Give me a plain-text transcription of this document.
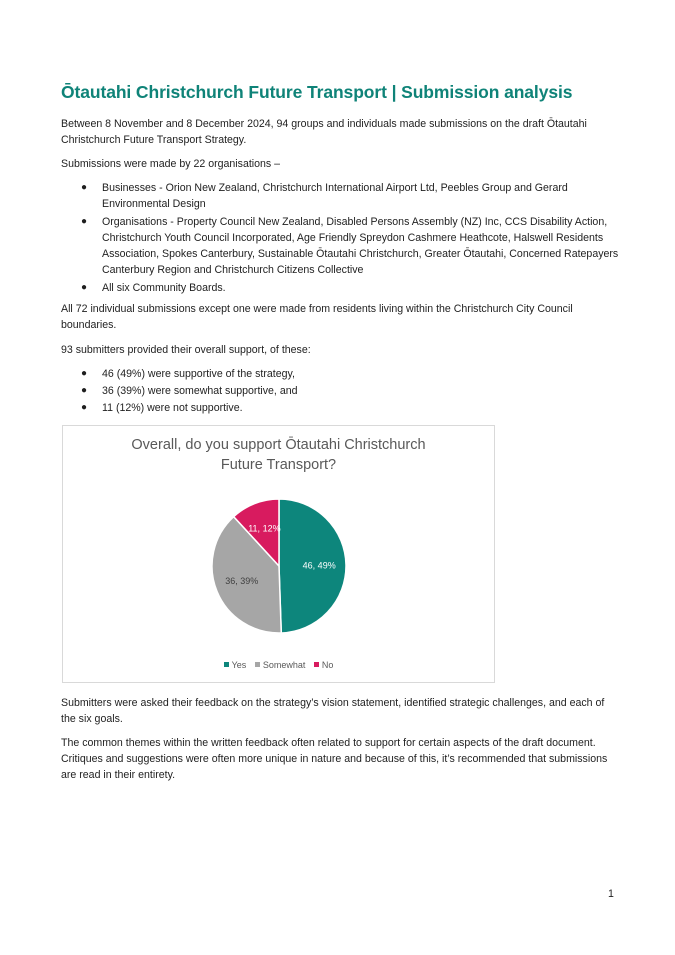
Ōtautahi Christchurch Future Transport | Submission analysis

Between 8 November and 8 December 2024, 94 groups and individuals made submissions on the draft Ōtautahi Christchurch Future Transport Strategy.

Submissions were made by 22 organisations –

● Businesses - Orion New Zealand, Christchurch International Airport Ltd, Peebles Group and Gerard Environmental Design
● Organisations - Property Council New Zealand, Disabled Persons Assembly (NZ) Inc, CCS Disability Action, Christchurch Youth Council Incorporated, Age Friendly Spreydon Cashmere Heathcote, Halswell Residents Association, Spokes Canterbury, Sustainable Ōtautahi Christchurch, Greater Ōtautahi, Concerned Ratepayers Canterbury Region and Christchurch Citizens Collective
● All six Community Boards.

All 72 individual submissions except one were made from residents living within the Christchurch City Council boundaries.

93 submitters provided their overall support, of these:

● 46 (49%) were supportive of the strategy,
● 36 (39%) were somewhat supportive, and
● 11 (12%) were not supportive.
Overall, do you support Ōtautahi Christchurch
Future Transport?
46, 49%
36, 39%
11, 12%
Yes Somewhat No

Submitters were asked their feedback on the strategy’s vision statement, identified strategic challenges, and each of the six goals.

The common themes within the written feedback often related to support for certain aspects of the draft document. Critiques and suggestions were often more unique in nature and because of this, it’s recommended that submissions are read in their entirety.

1
